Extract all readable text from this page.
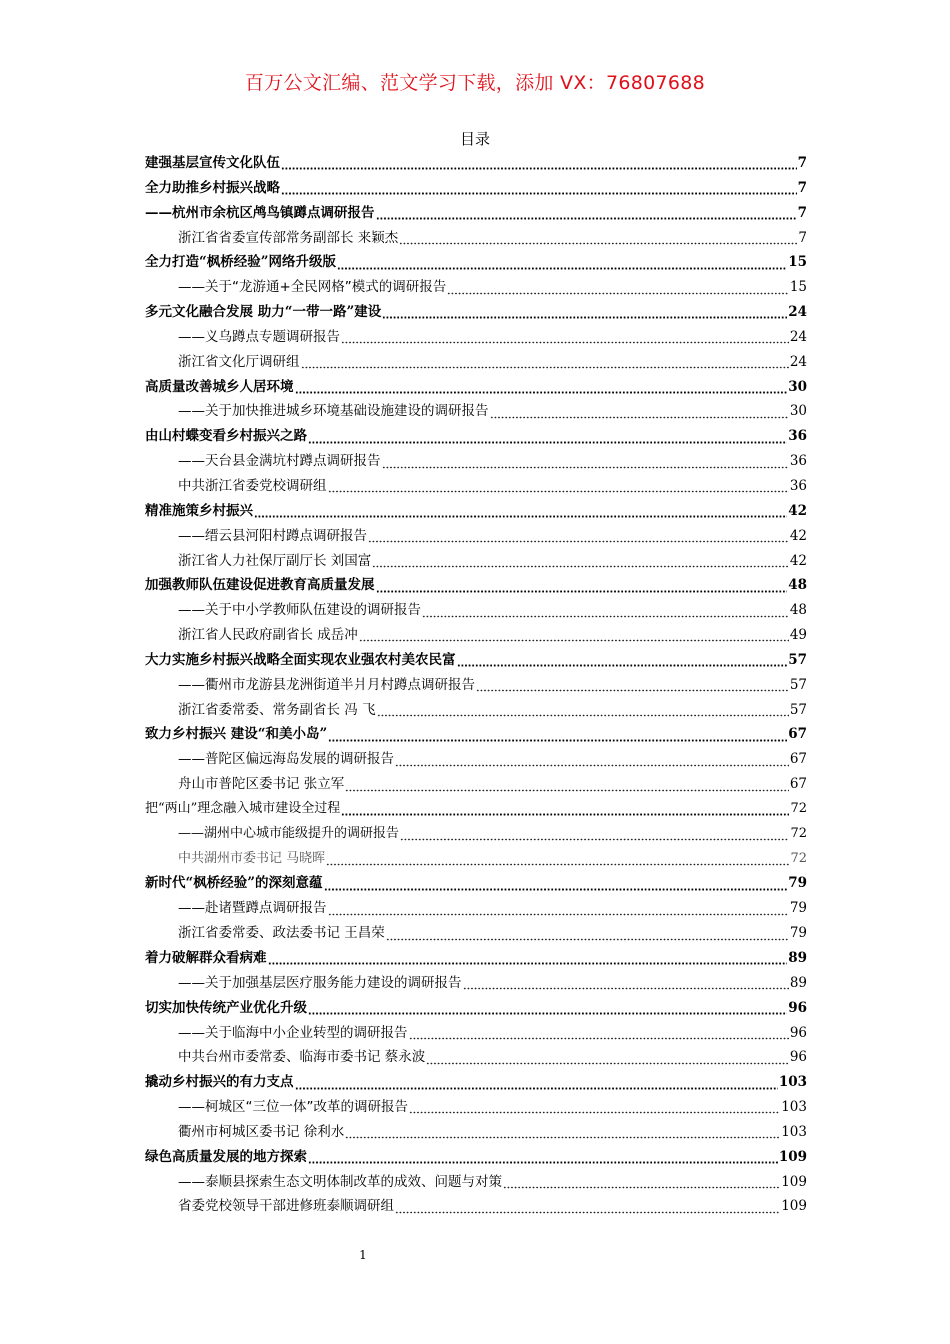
百万公文汇编、范文学习下载，添加 VX：76807688
目录
建强基层宣传文化队伍	7
全力助推乡村振兴战略	7
——杭州市余杭区鸬鸟镇蹲点调研报告	7
浙江省省委宣传部常务副部长 来颖杰	7
全力打造“枫桥经验”网络升级版	15
——关于“龙游通+全民网格”模式的调研报告	15
多元文化融合发展 助力“一带一路”建设	24
——义乌蹲点专题调研报告	24
浙江省文化厅调研组	24
高质量改善城乡人居环境	30
——关于加快推进城乡环境基础设施建设的调研报告	30
由山村蝶变看乡村振兴之路	36
——天台县金满坑村蹲点调研报告	36
中共浙江省委党校调研组	36
精准施策乡村振兴	42
——缙云县河阳村蹲点调研报告	42
浙江省人力社保厅副厅长 刘国富	42
加强教师队伍建设促进教育高质量发展	48
——关于中小学教师队伍建设的调研报告	48
浙江省人民政府副省长 成岳冲	49
大力实施乡村振兴战略全面实现农业强农村美农民富	57
——衢州市龙游县龙洲街道半爿月村蹲点调研报告	57
浙江省委常委、常务副省长 冯 飞	57
致力乡村振兴 建设“和美小岛”	67
——普陀区偏远海岛发展的调研报告	67
舟山市普陀区委书记 张立军	67
把“两山”理念融入城市建设全过程	72
——湖州中心城市能级提升的调研报告	72
中共湖州市委书记 马晓晖	72
新时代“枫桥经验”的深刻意蕴	79
——赴诸暨蹲点调研报告	79
浙江省委常委、政法委书记 王昌荣	79
着力破解群众看病难	89
——关于加强基层医疗服务能力建设的调研报告	89
切实加快传统产业优化升级	96
——关于临海中小企业转型的调研报告	96
中共台州市委常委、临海市委书记 蔡永波	96
撬动乡村振兴的有力支点	103
——柯城区“三位一体”改革的调研报告	103
衢州市柯城区委书记 徐利水	103
绿色高质量发展的地方探索	109
——泰顺县探索生态文明体制改革的成效、问题与对策	109
省委党校领导干部进修班泰顺调研组	109
1
